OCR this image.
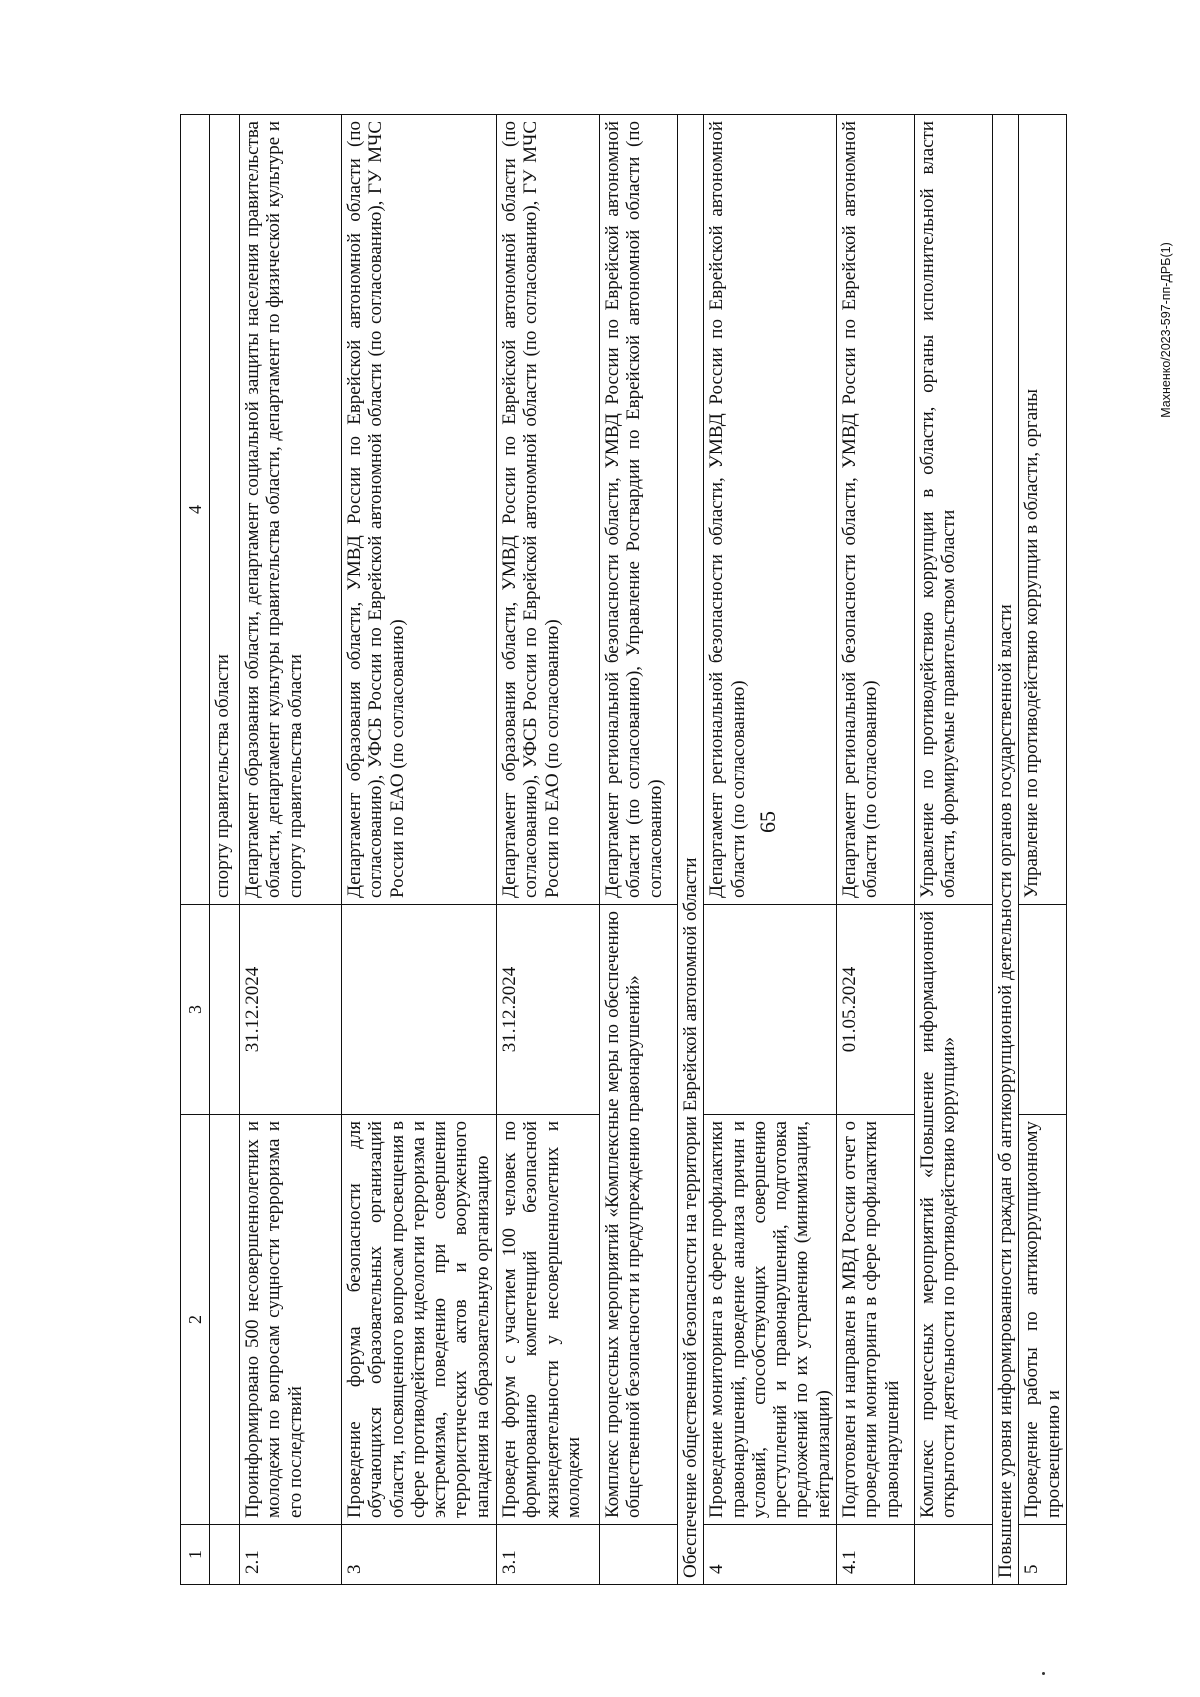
65
Махненко/2023-597-пп-ДРБ(1)
1	2	3	4
			спорту правительства области
2.1	Проинформировано 500 несовершеннолетних и молодежи по вопросам сущности терроризма и его последствий	31.12.2024	Департамент образования области, департамент социальной защиты населения правительства области, департамент культуры правительства области, департамент по физической культуре и спорту правительства области
3	Проведение форума безопасности для обучающихся образовательных организаций области, посвященного вопросам просвещения в сфере противодействия идеологии терроризма и экстремизма, поведению при совершении террористических актов и вооруженного нападения на образовательную организацию		Департамент образования области, УМВД России по Еврейской автономной области (по согласованию), УФСБ России по Еврейской автономной области (по согласованию), ГУ МЧС России по ЕАО (по согласованию)
3.1	Проведен форум с участием 100 человек по формированию компетенций безопасной жизнедеятельности у несовершеннолетних и молодежи	31.12.2024	Департамент образования области, УМВД России по Еврейской автономной области (по согласованию), УФСБ России по Еврейской автономной области (по согласованию), ГУ МЧС России по ЕАО (по согласованию)
	Комплекс процессных мероприятий «Комплексные меры по обеспечению общественной безопасности и предупреждению правонарушений»		Департамент региональной безопасности области, УМВД России по Еврейской автономной области (по согласованию), Управление Росгвардии по Еврейской автономной области (по согласованию)
Обеспечение общественной безопасности на территории Еврейской автономной области			
4	Проведение мониторинга в сфере профилактики правонарушений, проведение анализа причин и условий, способствующих совершению преступлений и правонарушений, подготовка предложений по их устранению (минимизации, нейтрализации)		Департамент региональной безопасности области, УМВД России по Еврейской автономной области (по согласованию)
4.1	Подготовлен и направлен в МВД России отчет о проведении мониторинга в сфере профилактики правонарушений	01.05.2024	Департамент региональной безопасности области, УМВД России по Еврейской автономной области (по согласованию)
	Комплекс процессных мероприятий «Повышение информационной открытости деятельности по противодействию коррупции»		Управление по противодействию коррупции в области, органы исполнительной власти области, формируемые правительством области
Повышение уровня информированности граждан об антикоррупционной деятельности органов государственной власти			
5	Проведение работы по антикоррупционному просвещению и		Управление по противодействию коррупции в области, органы
